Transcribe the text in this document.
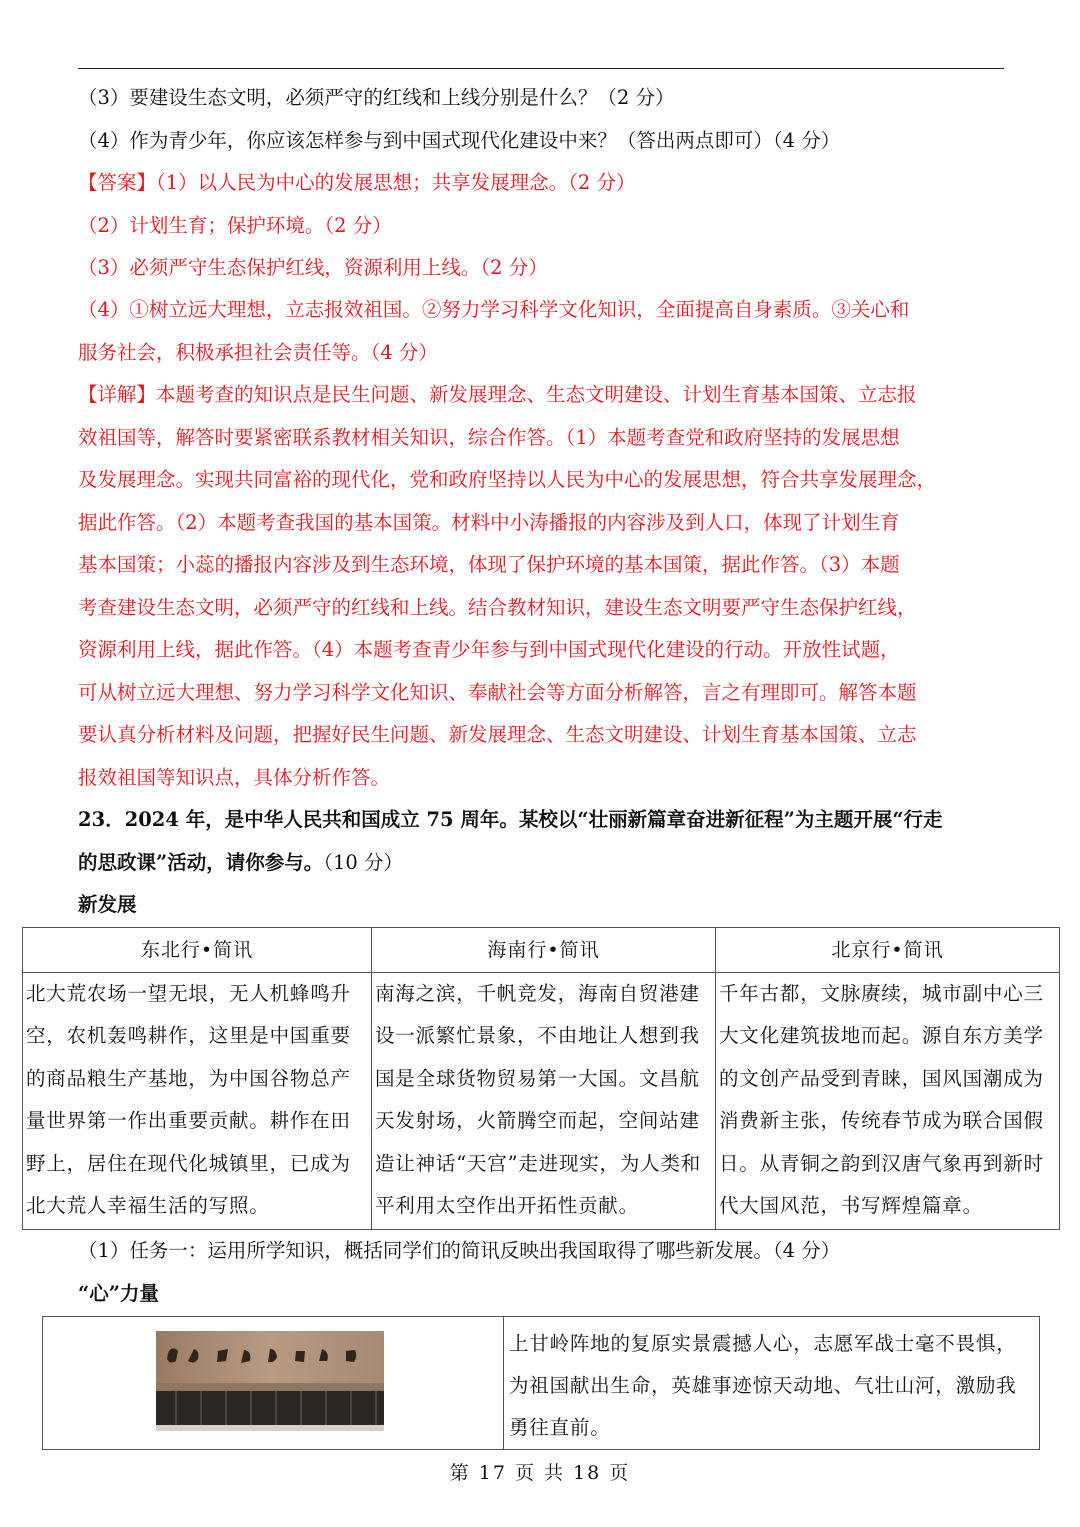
（3）要建设生态文明，必须严守的红线和上线分别是什么？（2 分）
（4）作为青少年，你应该怎样参与到中国式现代化建设中来？（答出两点即可）（4 分）
【答案】（1）以人民为中心的发展思想；共享发展理念。（2 分）
（2）计划生育；保护环境。（2 分）
（3）必须严守生态保护红线，资源利用上线。（2 分）
（4）①树立远大理想，立志报效祖国。②努力学习科学文化知识，全面提高自身素质。③关心和
服务社会，积极承担社会责任等。（4 分）
【详解】本题考查的知识点是民生问题、新发展理念、生态文明建设、计划生育基本国策、立志报
效祖国等，解答时要紧密联系教材相关知识，综合作答。（1）本题考查党和政府坚持的发展思想
及发展理念。实现共同富裕的现代化，党和政府坚持以人民为中心的发展思想，符合共享发展理念，
据此作答。（2）本题考查我国的基本国策。材料中小涛播报的内容涉及到人口，体现了计划生育
基本国策；小蕊的播报内容涉及到生态环境，体现了保护环境的基本国策，据此作答。（3）本题
考查建设生态文明，必须严守的红线和上线。结合教材知识，建设生态文明要严守生态保护红线，
资源利用上线，据此作答。（4）本题考查青少年参与到中国式现代化建设的行动。开放性试题，
可从树立远大理想、努力学习科学文化知识、奉献社会等方面分析解答，言之有理即可。解答本题
要认真分析材料及问题，把握好民生问题、新发展理念、生态文明建设、计划生育基本国策、立志
报效祖国等知识点，具体分析作答。
23．2024 年，是中华人民共和国成立 75 周年。某校以“壮丽新篇章奋进新征程”为主题开展“行走
的思政课”活动，请你参与。（10 分）
新发展
东北行•简讯	海南行•简讯	北京行•简讯
北大荒农场一望无垠，无人机蜂鸣升空，农机轰鸣耕作，这里是中国重要的商品粮生产基地，为中国谷物总产量世界第一作出重要贡献。耕作在田野上，居住在现代化城镇里，已成为北大荒人幸福生活的写照。	南海之滨，千帆竞发，海南自贸港建设一派繁忙景象，不由地让人想到我国是全球货物贸易第一大国。文昌航天发射场，火箭腾空而起，空间站建造让神话“天宫”走进现实，为人类和平利用太空作出开拓性贡献。	千年古都，文脉赓续，城市副中心三大文化建筑拔地而起。源自东方美学的文创产品受到青睐，国风国潮成为消费新主张，传统春节成为联合国假日。从青铜之韵到汉唐气象再到新时代大国风范，书写辉煌篇章。
（1）任务一：运用所学知识，概括同学们的简讯反映出我国取得了哪些新发展。（4 分）
“心”力量
	上甘岭阵地的复原实景震撼人心，志愿军战士毫不畏惧，为祖国献出生命，英雄事迹惊天动地、气壮山河，激励我勇往直前。
第 17 页 共 18 页
